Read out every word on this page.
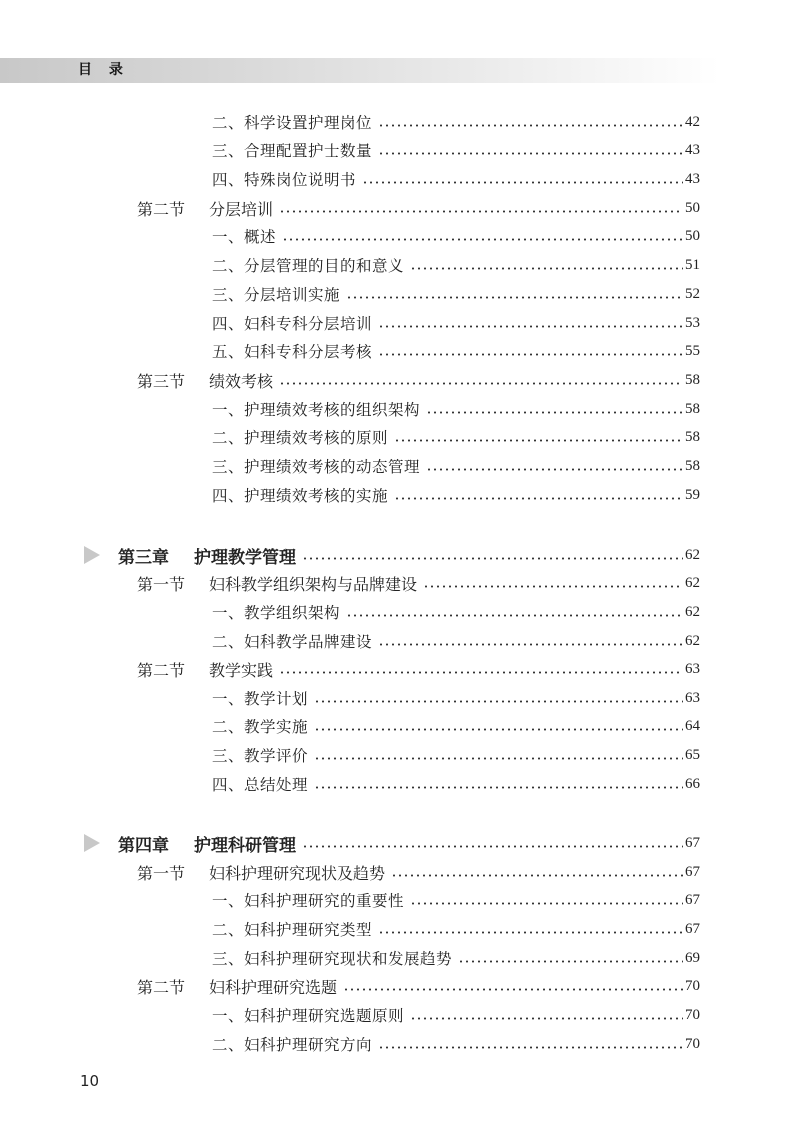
目 录
二、科学设置护理岗位	42
三、合理配置护士数量	43
四、特殊岗位说明书	43
第二节 分层培训	50
一、概述	50
二、分层管理的目的和意义	51
三、分层培训实施	52
四、妇科专科分层培训	53
五、妇科专科分层考核	55
第三节 绩效考核	58
一、护理绩效考核的组织架构	58
二、护理绩效考核的原则	58
三、护理绩效考核的动态管理	58
四、护理绩效考核的实施	59
第三章 护理教学管理	62
第一节 妇科教学组织架构与品牌建设	62
一、教学组织架构	62
二、妇科教学品牌建设	62
第二节 教学实践	63
一、教学计划	63
二、教学实施	64
三、教学评价	65
四、总结处理	66
第四章 护理科研管理	67
第一节 妇科护理研究现状及趋势	67
一、妇科护理研究的重要性	67
二、妇科护理研究类型	67
三、妇科护理研究现状和发展趋势	69
第二节 妇科护理研究选题	70
一、妇科护理研究选题原则	70
二、妇科护理研究方向	70
10
